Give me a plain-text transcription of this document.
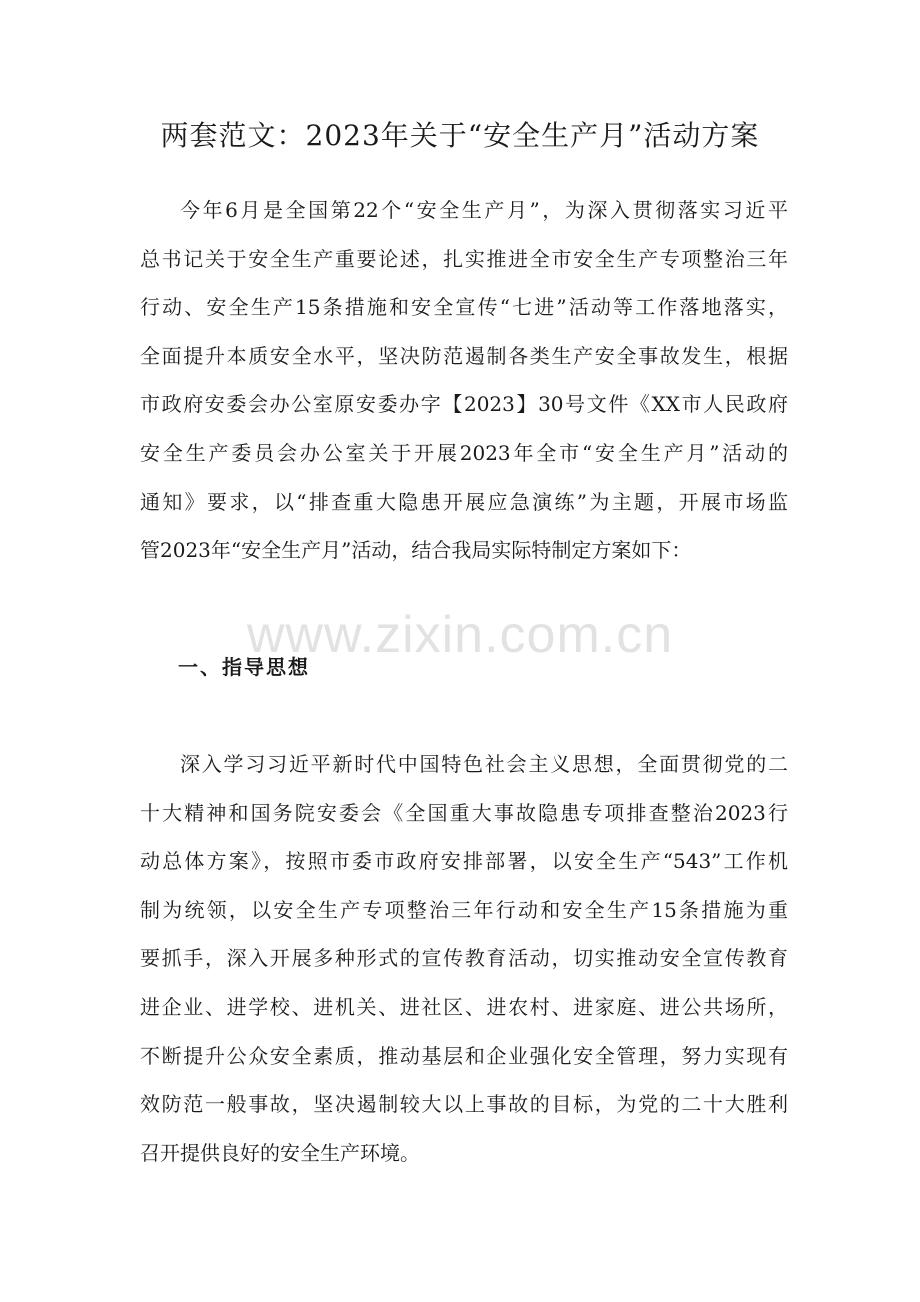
两套范文：2023年关于“安全生产月”活动方案
今年6月是全国第22个“安全生产月”，为深入贯彻落实习近平
总书记关于安全生产重要论述，扎实推进全市安全生产专项整治三年
行动、安全生产15条措施和安全宣传“七进”活动等工作落地落实，
全面提升本质安全水平，坚决防范遏制各类生产安全事故发生，根据
市政府安委会办公室原安委办字【2023】30号文件《XX市人民政府
安全生产委员会办公室关于开展2023年全市“安全生产月”活动的
通知》要求，以“排查重大隐患开展应急演练”为主题，开展市场监
管2023年“安全生产月”活动，结合我局实际特制定方案如下：
www.zixin.com.cn
一、指导思想
深入学习习近平新时代中国特色社会主义思想，全面贯彻党的二
十大精神和国务院安委会《全国重大事故隐患专项排查整治2023行
动总体方案》，按照市委市政府安排部署，以安全生产“543”工作机
制为统领，以安全生产专项整治三年行动和安全生产15条措施为重
要抓手，深入开展多种形式的宣传教育活动，切实推动安全宣传教育
进企业、进学校、进机关、进社区、进农村、进家庭、进公共场所，
不断提升公众安全素质，推动基层和企业强化安全管理，努力实现有
效防范一般事故，坚决遏制较大以上事故的目标，为党的二十大胜利
召开提供良好的安全生产环境。
